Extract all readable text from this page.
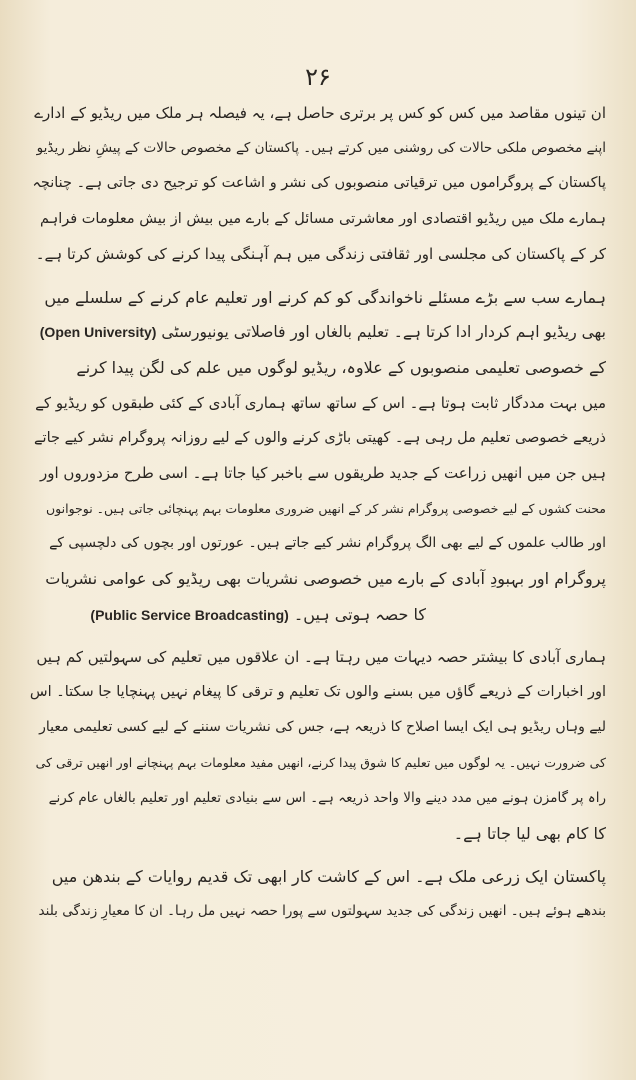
۲۶
ان تینوں مقاصد میں کس کو کس پر برتری حاصل ہے، یہ فیصلہ ہر ملک میں ریڈیو کے ادارے
اپنے مخصوص ملکی حالات کی روشنی میں کرتے ہیں۔ پاکستان کے مخصوص حالات کے پیشِ نظر ریڈیو
پاکستان کے پروگراموں میں ترقیاتی منصوبوں کی نشر و اشاعت کو ترجیح دی جاتی ہے۔ چنانچہ
ہمارے ملک میں ریڈیو اقتصادی اور معاشرتی مسائل کے بارے میں بیش از بیش معلومات فراہم
کر کے پاکستان کی مجلسی اور ثقافتی زندگی میں ہم آہنگی پیدا کرنے کی کوشش کرتا ہے۔
ہمارے سب سے بڑے مسئلے ناخواندگی کو کم کرنے اور تعلیم عام کرنے کے سلسلے میں
بھی ریڈیو اہم کردار ادا کرتا ہے۔ تعلیم بالغاں اور فاصلاتی یونیورسٹی (Open University)
کے خصوصی تعلیمی منصوبوں کے علاوہ، ریڈیو لوگوں میں علم کی لگن پیدا کرنے
میں بہت مددگار ثابت ہوتا ہے۔ اس کے ساتھ ساتھ ہماری آبادی کے کئی طبقوں کو ریڈیو کے
ذریعے خصوصی تعلیم مل رہی ہے۔ کھیتی باڑی کرنے والوں کے لیے روزانہ پروگرام نشر کیے جاتے
ہیں جن میں انھیں زراعت کے جدید طریقوں سے باخبر کیا جاتا ہے۔ اسی طرح مزدوروں اور
محنت کشوں کے لیے خصوصی پروگرام نشر کر کے انھیں ضروری معلومات بہم پہنچائی جاتی ہیں۔ نوجوانوں
اور طالب علموں کے لیے بھی الگ پروگرام نشر کیے جاتے ہیں۔ عورتوں اور بچوں کی دلچسپی کے
پروگرام اور بہبودِ آبادی کے بارے میں خصوصی نشریات بھی ریڈیو کی عوامی نشریات
کا حصہ ہوتی ہیں۔ (Public Service Broadcasting)
ہماری آبادی کا بیشتر حصہ دیہات میں رہتا ہے۔ ان علاقوں میں تعلیم کی سہولتیں کم ہیں
اور اخبارات کے ذریعے گاؤں میں بسنے والوں تک تعلیم و ترقی کا پیغام نہیں پہنچایا جا سکتا۔ اس
لیے وہاں ریڈیو ہی ایک ایسا اصلاح کا ذریعہ ہے، جس کی نشریات سننے کے لیے کسی تعلیمی معیار
کی ضرورت نہیں۔ یہ لوگوں میں تعلیم کا شوق پیدا کرنے، انھیں مفید معلومات بہم پہنچانے اور انھیں ترقی کی
راہ پر گامزن ہونے میں مدد دینے والا واحد ذریعہ ہے۔ اس سے بنیادی تعلیم اور تعلیم بالغاں عام کرنے
کا کام بھی لیا جاتا ہے۔
پاکستان ایک زرعی ملک ہے۔ اس کے کاشت کار ابھی تک قدیم روایات کے بندھن میں
بندھے ہوئے ہیں۔ انھیں زندگی کی جدید سہولتوں سے پورا حصہ نہیں مل رہا۔ ان کا معیارِ زندگی بلند
